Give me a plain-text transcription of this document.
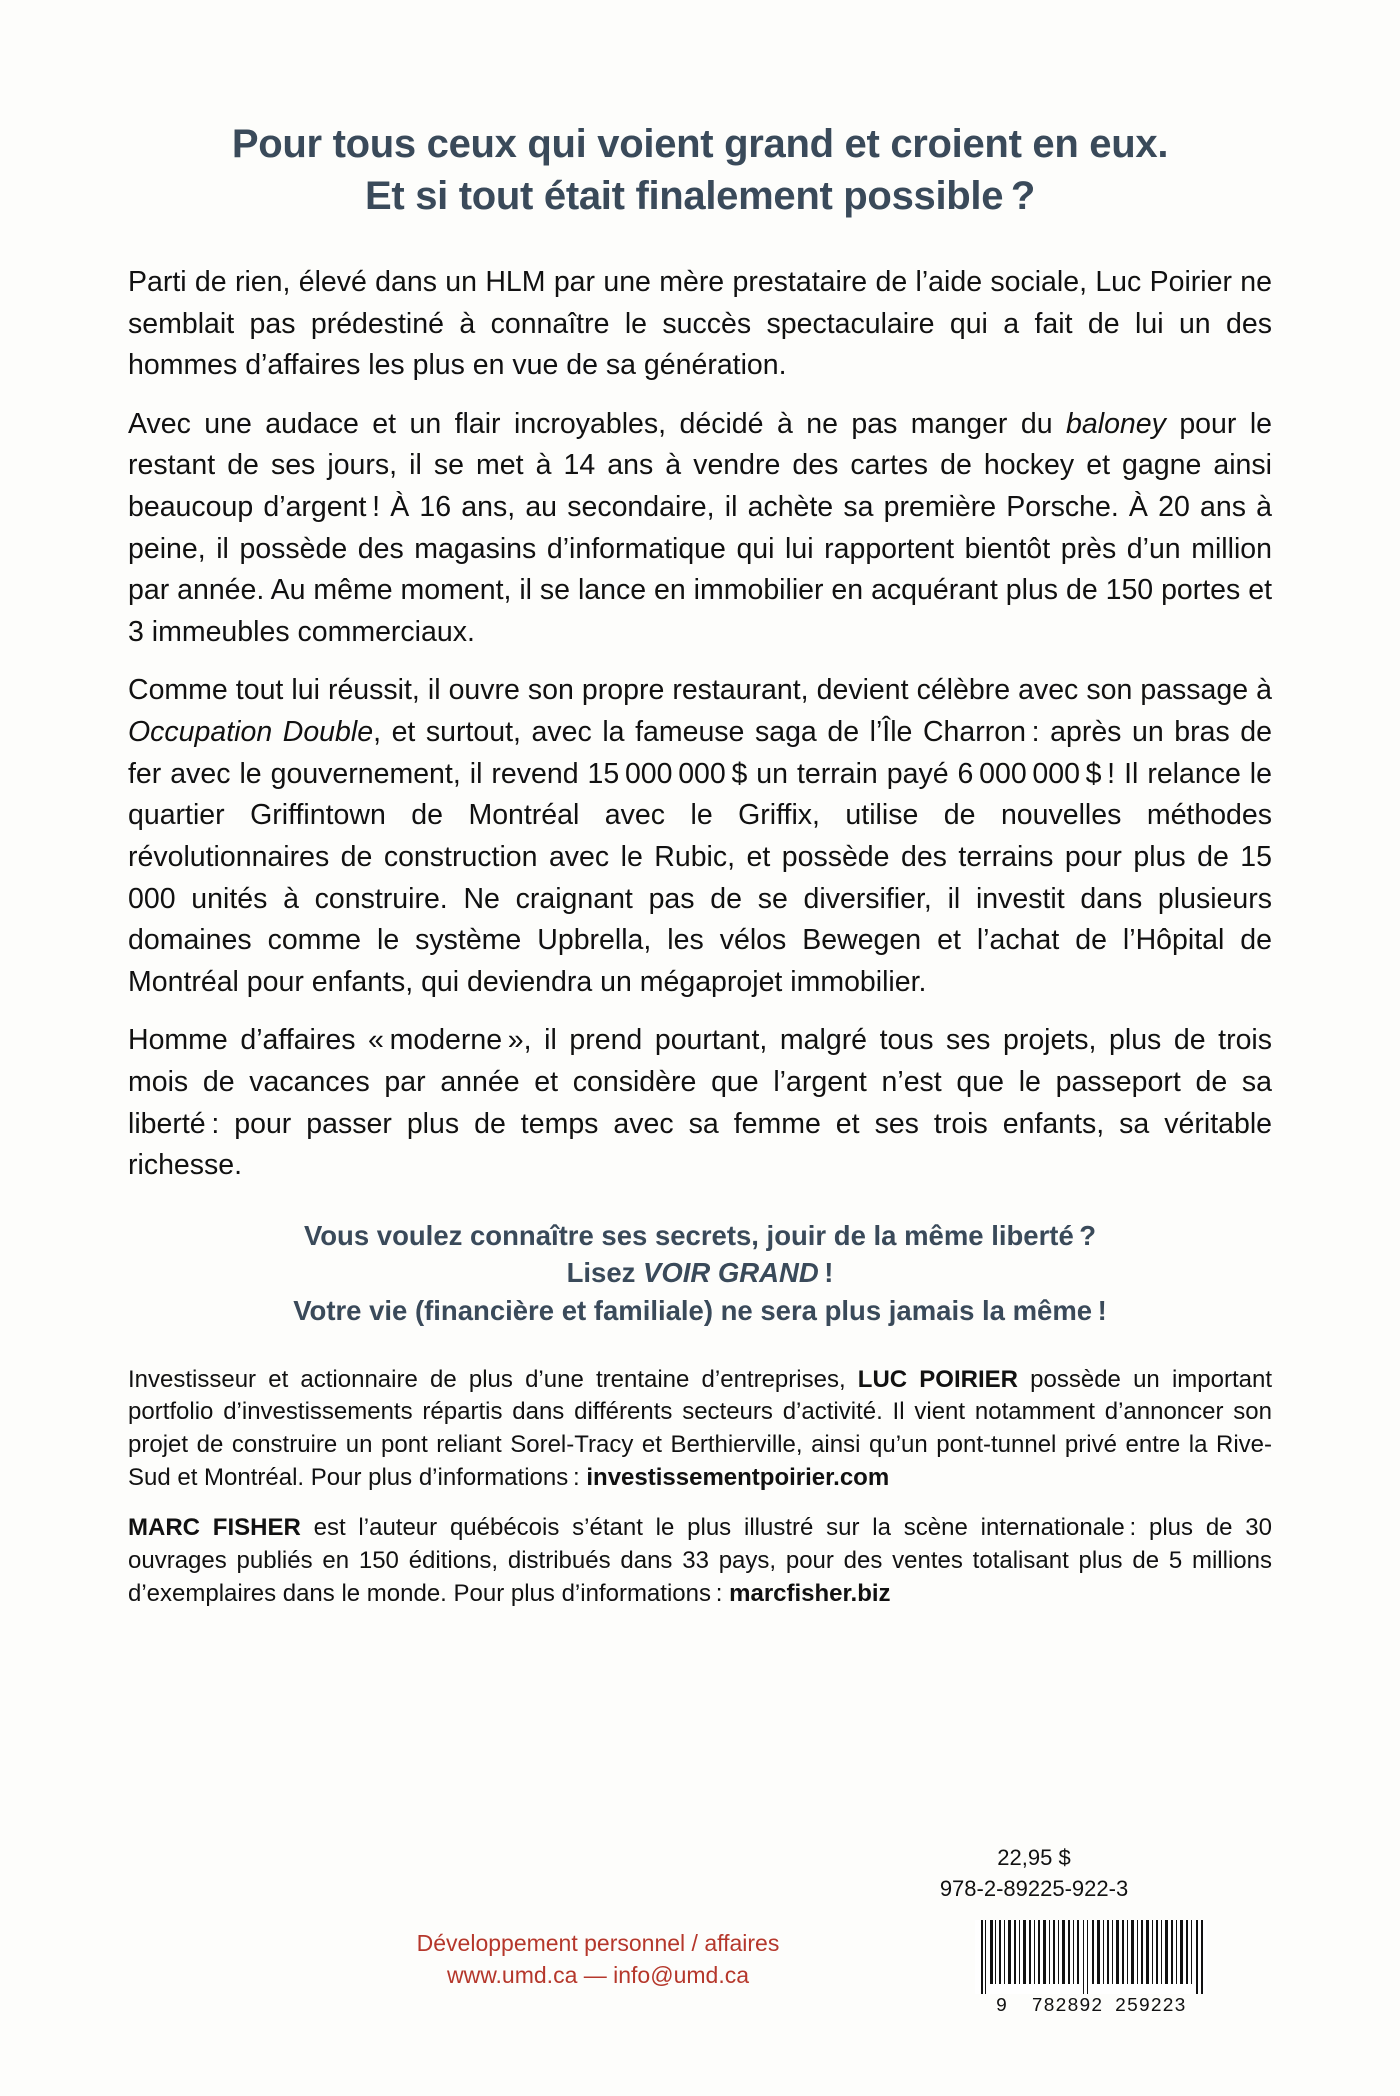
Pour tous ceux qui voient grand et croient en eux.
Et si tout était finalement possible ?

Parti de rien, élevé dans un HLM par une mère prestataire de l’aide sociale, Luc Poirier ne semblait pas prédestiné à connaître le succès spectaculaire qui a fait de lui un des hommes d’affaires les plus en vue de sa génération.

Avec une audace et un flair incroyables, décidé à ne pas manger du baloney pour le restant de ses jours, il se met à 14 ans à vendre des cartes de hockey et gagne ainsi beaucoup d’argent ! À 16 ans, au secondaire, il achète sa première Porsche. À 20 ans à peine, il possède des magasins d’informatique qui lui rapportent bientôt près d’un million par année. Au même moment, il se lance en immobilier en acquérant plus de 150 portes et 3 immeubles commerciaux.

Comme tout lui réussit, il ouvre son propre restaurant, devient célèbre avec son passage à Occupation Double, et surtout, avec la fameuse saga de l’Île Charron : après un bras de fer avec le gouvernement, il revend 15 000 000 $ un terrain payé 6 000 000 $ ! Il relance le quartier Griffintown de Montréal avec le Griffix, utilise de nouvelles méthodes révolutionnaires de construction avec le Rubic, et possède des terrains pour plus de 15 000 unités à construire. Ne craignant pas de se diversifier, il investit dans plusieurs domaines comme le système Upbrella, les vélos Bewegen et l’achat de l’Hôpital de Montréal pour enfants, qui deviendra un mégaprojet immobilier.

Homme d’affaires « moderne », il prend pourtant, malgré tous ses projets, plus de trois mois de vacances par année et considère que l’argent n’est que le passeport de sa liberté : pour passer plus de temps avec sa femme et ses trois enfants, sa véritable richesse.

Vous voulez connaître ses secrets, jouir de la même liberté ?
Lisez VOIR GRAND !
Votre vie (financière et familiale) ne sera plus jamais la même !

Investisseur et actionnaire de plus d’une trentaine d’entreprises, LUC POIRIER possède un important portfolio d’investissements répartis dans différents secteurs d’activité. Il vient notamment d’annoncer son projet de construire un pont reliant Sorel-Tracy et Berthierville, ainsi qu’un pont-tunnel privé entre la Rive-Sud et Montréal. Pour plus d’informations : investissementpoirier.com

MARC FISHER est l’auteur québécois s’étant le plus illustré sur la scène internationale : plus de 30 ouvrages publiés en 150 éditions, distribués dans 33 pays, pour des ventes totalisant plus de 5 millions d’exemplaires dans le monde. Pour plus d’informations : marcfisher.biz

22,95 $
978-2-89225-922-3
Développement personnel / affaires
www.umd.ca — info@umd.ca
9 782892 259223
